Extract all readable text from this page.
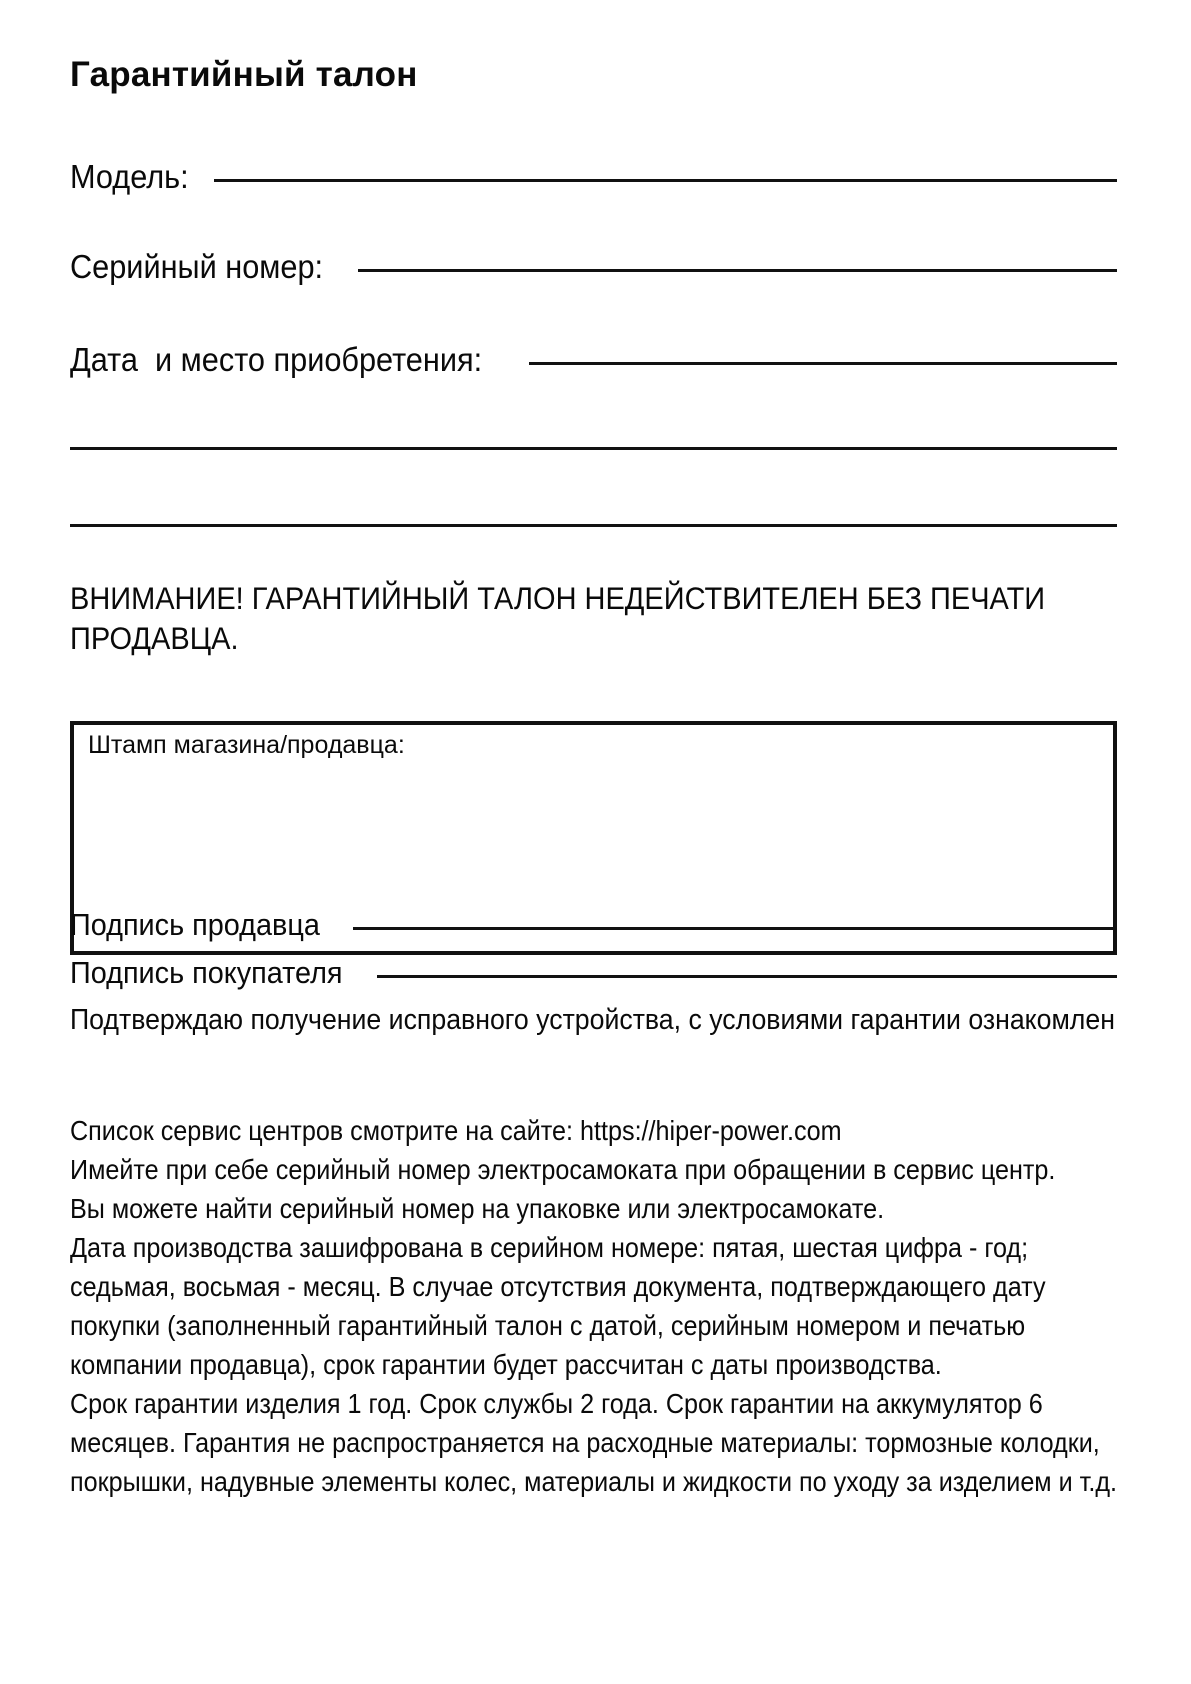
Гарантийный талон
Модель:
Серийный номер:
Дата  и место приобретения:
ВНИМАНИЕ! ГАРАНТИЙНЫЙ ТАЛОН НЕДЕЙСТВИТЕЛЕН БЕЗ ПЕЧАТИ ПРОДАВЦА.
Штамп магазина/продавца:
Подпись продавца
Подпись покупателя
Подтверждаю получение исправного устройства, с условиями гарантии ознакомлен
Список сервис центров смотрите на сайте: https://hiper-power.com
Имейте при себе серийный номер электросамоката при обращении в сервис центр.
Вы можете найти серийный номер на упаковке или электросамокате.
Дата производства зашифрована в серийном номере: пятая, шестая цифра - год; седьмая, восьмая - месяц. В случае отсутствия документа, подтверждающего дату покупки (заполненный гарантийный талон с датой, серийным номером и печатью компании продавца), срок гарантии будет рассчитан с даты производства.
Срок гарантии изделия 1 год. Срок службы 2 года. Срок гарантии на аккумулятор 6 месяцев. Гарантия не распространяется на расходные материалы: тормозные колодки, покрышки, надувные элементы колес, материалы и жидкости по уходу за изделием и т.д.
